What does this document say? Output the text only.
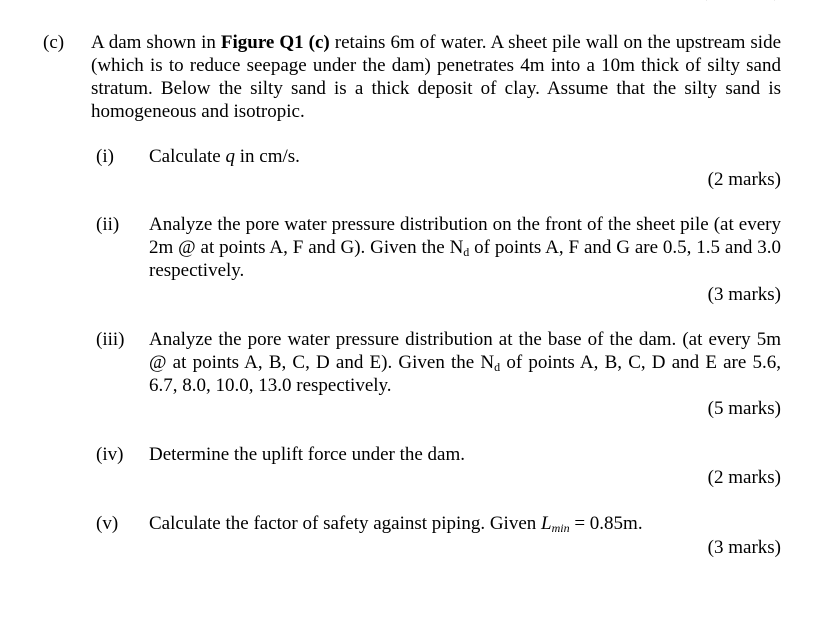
(c) A dam shown in Figure Q1 (c) retains 6m of water. A sheet pile wall on the upstream side (which is to reduce seepage under the dam) penetrates 4m into a 10m thick of silty sand stratum. Below the silty sand is a thick deposit of clay. Assume that the silty sand is homogeneous and isotropic.
(i) Calculate q in cm/s.
(2 marks)
(ii) Analyze the pore water pressure distribution on the front of the sheet pile (at every 2m @ at points A, F and G). Given the $N_d$ of points A, F and G are 0.5, 1.5 and 3.0 respectively.
(3 marks)
(iii) Analyze the pore water pressure distribution at the base of the dam. (at every 5m @ at points A, B, C, D and E). Given the $N_d$ of points A, B, C, D and E are 5.6, 6.7, 8.0, 10.0, 13.0 respectively.
(5 marks)
(iv) Determine the uplift force under the dam.
(2 marks)
(v) Calculate the factor of safety against piping. Given $L_{min} = 0.85m$.
(3 marks)
